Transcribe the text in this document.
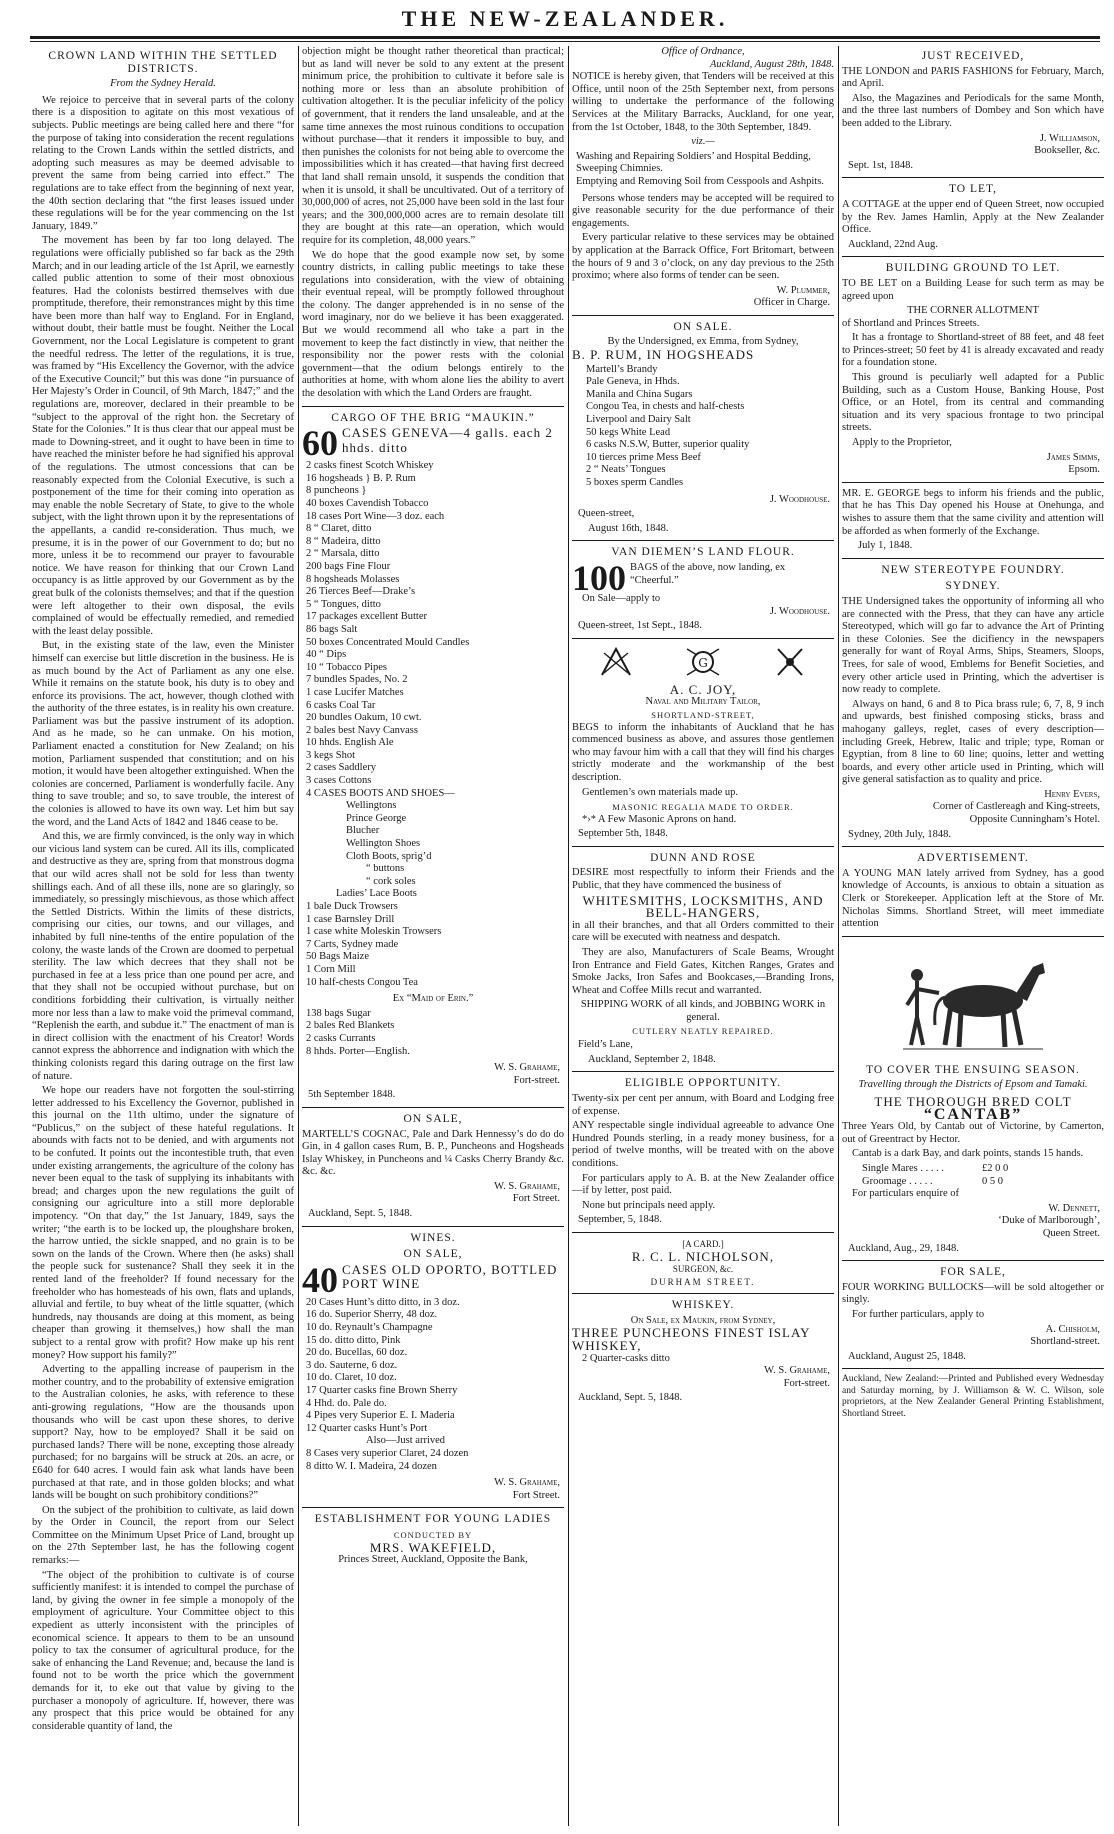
THE NEW-ZEALANDER.
CROWN LAND WITHIN THE SETTLED DISTRICTS.
From the Sydney Herald.

We rejoice to perceive that in several parts of the colony there is a disposition to agitate on this most vexatious of subjects. Public meetings are being called here and there “for the purpose of taking into consideration the recent regulations relating to the Crown Lands within the settled districts, and adopting such measures as may be deemed advisable to prevent the same from being carried into effect.” The regulations are to take effect from the beginning of next year, the 40th section declaring that “the first leases issued under these regulations will be for the year commencing on the 1st January, 1849.”

The movement has been by far too long delayed. The regulations were officially published so far back as the 29th March; and in our leading article of the 1st April, we earnestly called public attention to some of their most obnoxious features. Had the colonists bestirred themselves with due promptitude, therefore, their remonstrances might by this time have been more than half way to England. For in England, without doubt, their battle must be fought. Neither the Local Government, nor the Local Legislature is competent to grant the needful redress. The letter of the regulations, it is true, was framed by “His Excellency the Governor, with the advice of the Executive Council;” but this was done “in pursuance of Her Majesty’s Order in Council, of 9th March, 1847;” and the regulations are, moreover, declared in their preamble to be “subject to the approval of the right hon. the Secretary of State for the Colonies.” It is thus clear that our appeal must be made to Downing-street, and it ought to have been in time to have reached the minister before he had signified his approval of the regulations. The utmost concessions that can be reasonably expected from the Colonial Executive, is such a postponement of the time for their coming into operation as may enable the noble Secretary of State, to give to the whole subject, with the light thrown upon it by the representations of the appellants, a candid re-consideration. Thus much, we presume, it is in the power of our Government to do; but no more, unless it be to recommend our prayer to favourable notice. We have reason for thinking that our Crown Land occupancy is as little approved by our Government as by the great bulk of the colonists themselves; and that if the question were left altogether to their own disposal, the evils complained of would be effectually remedied, and remedied with the least delay possible.

But, in the existing state of the law, even the Minister himself can exercise but little discretion in the business. He is as much bound by the Act of Parliament as any one else. While it remains on the statute book, his duty is to obey and enforce its provisions. The act, however, though clothed with the authority of the three estates, is in reality his own creature. Parliament was but the passive instrument of its adoption. And as he made, so he can unmake. On his motion, Parliament enacted a constitution for New Zealand; on his motion, Parliament suspended that constitution; and on his motion, it would have been altogether extinguished. When the colonies are concerned, Parliament is wonderfully facile. Any thing to save trouble; and so, to save trouble, the interest of the colonies is allowed to have its own way. Let him but say the word, and the Land Acts of 1842 and 1846 cease to be.

And this, we are firmly convinced, is the only way in which our vicious land system can be cured. All its ills, complicated and destructive as they are, spring from that monstrous dogma that our wild acres shall not be sold for less than twenty shillings each. And of all these ills, none are so glaringly, so immediately, so pressingly mischievous, as those which affect the Settled Districts. Within the limits of these districts, comprising our cities, our towns, and our villages, and inhabited by full nine-tenths of the entire population of the colony, the waste lands of the Crown are doomed to perpetual sterility. The law which decrees that they shall not be purchased in fee at a less price than one pound per acre, and that they shall not be occupied without purchase, but on conditions forbidding their cultivation, is virtually neither more nor less than a law to make void the primeval command, “Replenish the earth, and subdue it.” The enactment of man is in direct collision with the enactment of his Creator! Words cannot express the abhorrence and indignation with which the thinking colonists regard this daring outrage on the first law of nature.

We hope our readers have not forgotten the soul-stirring letter addressed to his Excellency the Governor, published in this journal on the 11th ultimo, under the signature of “Publicus,” on the subject of these hateful regulations. It abounds with facts not to be denied, and with arguments not to be confuted. It points out the incontestible truth, that even under existing arrangements, the agriculture of the colony has never been equal to the task of supplying its inhabitants with bread; and charges upon the new regulations the guilt of consigning our agriculture into a still more deplorable impotency. “On that day,” the 1st January, 1849, says the writer; “the earth is to be locked up, the ploughshare broken, the harrow untied, the sickle snapped, and no grain is to be sown on the lands of the Crown. Where then (he asks) shall the people suck for sustenance? Shall they seek it in the rented land of the freeholder? If found necessary for the freeholder who has homesteads of his own, flats and uplands, alluvial and fertile, to buy wheat of the little squatter, (which hundreds, nay thousands are doing at this moment, as being cheaper than growing it themselves,) how shall the man subject to a rental grow with profit? How make up his rent money? How support his family?”

Adverting to the appalling increase of pauperism in the mother country, and to the probability of extensive emigration to the Australian colonies, he asks, with reference to these anti-growing regulations, “How are the thousands upon thousands who will be cast upon these shores, to derive support? Nay, how to be employed? Shall it be said on purchased lands? There will be none, excepting those already purchased; for no bargains will be struck at 20s. an acre, or £640 for 640 acres. I would fain ask what lands have been purchased at that rate, and in those golden blocks; and what lands will be bought on such prohibitory conditions?”

On the subject of the prohibition to cultivate, as laid down by the Order in Council, the report from our Select Committee on the Minimum Upset Price of Land, brought up on the 27th September last, he has the following cogent remarks:—

“The object of the prohibition to cultivate is of course sufficiently manifest: it is intended to compel the purchase of land, by giving the owner in fee simple a monopoly of the employment of agriculture. Your Committee object to this expedient as utterly inconsistent with the principles of economical science. It appears to them to be an unsound policy to tax the consumer of agricultural produce, for the sake of enhancing the Land Revenue; and, because the land is found not to be worth the price which the government demands for it, to eke out that value by giving to the purchaser a monopoly of agriculture. If, however, there was any prospect that this price would be obtained for any considerable quantity of land, the

objection might be thought rather theoretical than practical; but as land will never be sold to any extent at the present minimum price, the prohibition to cultivate it before sale is nothing more or less than an absolute prohibition of cultivation altogether. It is the peculiar infelicity of the policy of government, that it renders the land unsaleable, and at the same time annexes the most ruinous conditions to occupation without purchase—that it renders it impossible to buy, and then punishes the colonists for not being able to overcome the impossibilities which it has created—that having first decreed that land shall remain unsold, it suspends the condition that when it is unsold, it shall be uncultivated. Out of a territory of 30,000,000 of acres, not 25,000 have been sold in the last four years; and the 300,000,000 acres are to remain desolate till they are bought at this rate—an operation, which would require for its completion, 48,000 years.”

We do hope that the good example now set, by some country districts, in calling public meetings to take these regulations into consideration, with the view of obtaining their eventual repeal, will be promptly followed throughout the colony. The danger apprehended is in no sense of the word imaginary, nor do we believe it has been exaggerated. But we would recommend all who take a part in the movement to keep the fact distinctly in view, that neither the responsibility nor the power rests with the colonial government—that the odium belongs entirely to the authorities at home, with whom alone lies the ability to avert the desolation with which the Land Orders are fraught.

CARGO OF THE BRIG “MAUKIN.”
60 CASES GENEVA—4 galls. each 2 hhds. ditto
2 casks finest Scotch Whiskey
16 hogsheads } B. P. Rum
8 puncheons }
40 boxes Cavendish Tobacco
18 cases Port Wine—3 doz. each
8 “ Claret, ditto
8 “ Madeira, ditto
2 “ Marsala, ditto
200 bags Fine Flour
8 hogsheads Molasses
26 Tierces Beef—Drake’s
5 “ Tongues, ditto
17 packages excellent Butter
86 bags Salt
50 boxes Concentrated Mould Candles
40 “ Dips
10 “ Tobacco Pipes
7 bundles Spades, No. 2
1 case Lucifer Matches
6 casks Coal Tar
20 bundles Oakum, 10 cwt.
2 bales best Navy Canvass
10 hhds. English Ale
3 kegs Shot
2 cases Saddlery
3 cases Cottons
4 CASES BOOTS AND SHOES—
Wellingtons
Prince George
Blucher
Wellington Shoes
Cloth Boots, sprig’d
“ buttons
“ cork soles
Ladies’ Lace Boots
1 bale Duck Trowsers
1 case Barnsley Drill
1 case white Moleskin Trowsers
7 Carts, Sydney made
50 Bags Maize
1 Corn Mill
10 half-chests Congou Tea
Ex “Maid of Erin.”
138 bags Sugar
2 bales Red Blankets
2 casks Currants
8 hhds. Porter—English.
W. S. Grahame,
Fort-street.
5th September 1848.
ON SALE,

MARTELL’S COGNAC, Pale and Dark Hennessy’s do do do Gin, in 4 gallon cases Rum, B. P., Puncheons and Hogsheads Islay Whiskey, in Puncheons and ¼ Casks Cherry Brandy &c. &c. &c.

W. S. Grahame,
Fort Street.
Auckland, Sept. 5, 1848.
WINES.
ON SALE,
40 CASES OLD OPORTO, BOTTLED PORT WINE
20 Cases Hunt’s ditto ditto, in 3 doz.
16 do. Superior Sherry, 48 doz.
10 do. Reynault’s Champagne
15 do. ditto ditto, Pink
20 do. Bucellas, 60 doz.
3 do. Sauterne, 6 doz.
10 do. Claret, 10 doz.
17 Quarter casks fine Brown Sherry
4 Hhd. do. Pale do.
4 Pipes very Superior E. I. Maderia
12 Quarter casks Hunt’s Port
Also—Just arrived
8 Cases very superior Claret, 24 dozen
8 ditto W. I. Madeira, 24 dozen
W. S. Grahame,
Fort Street.
ESTABLISHMENT FOR YOUNG LADIES
CONDUCTED BY
MRS. WAKEFIELD,
Princes Street, Auckland, Opposite the Bank,
Office of Ordnance,
Auckland, August 28th, 1848.

NOTICE is hereby given, that Tenders will be received at this Office, until noon of the 25th September next, from persons willing to undertake the performance of the following Services at the Military Barracks, Auckland, for one year, from the 1st October, 1848, to the 30th September, 1849.

viz.—
Washing and Repairing Soldiers’ and Hospital Bedding,
Sweeping Chimnies.
Emptying and Removing Soil from Cesspools and Ashpits.

Persons whose tenders may be accepted will be required to give reasonable security for the due performance of their engagements.

Every particular relative to these services may be obtained by application at the Barrack Office, Fort Britomart, between the hours of 9 and 3 o’clock, on any day previous to the 25th proximo; where also forms of tender can be seen.

W. Plummer,
Officer in Charge.
ON SALE.
By the Undersigned, ex Emma, from Sydney,
B. P. RUM, IN HOGSHEADS
Martell’s Brandy
Pale Geneva, in Hhds.
Manila and China Sugars
Congou Tea, in chests and half-chests
Liverpool and Dairy Salt
50 kegs White Lead
6 casks N.S.W, Butter, superior quality
10 tierces prime Mess Beef
2 “ Neats’ Tongues
5 boxes sperm Candles
J. Woodhouse.
Queen-street,
August 16th, 1848.
VAN DIEMEN’S LAND FLOUR.
100 BAGS of the above, now landing, ex “Cheerful.”
On Sale—apply to
J. Woodhouse.
Queen-street, 1st Sept., 1848.
G
A. C. JOY,
Naval and Military Tailor,
SHORTLAND-STREET,

BEGS to inform the inhabitants of Auckland that he has commenced business as above, and assures those gentlemen who may favour him with a call that they will find his charges strictly moderate and the workmanship of the best description.

Gentlemen’s own materials made up.

MASONIC REGALIA MADE TO ORDER.

*›* A Few Masonic Aprons on hand.

September 5th, 1848.
DUNN AND ROSE

DESIRE most respectfully to inform their Friends and the Public, that they have commenced the business of

WHITESMITHS, LOCKSMITHS, AND BELL-HANGERS,

in all their branches, and that all Orders committed to their care will be executed with neatness and despatch.

They are also, Manufacturers of Scale Beams, Wrought Iron Entrance and Field Gates, Kitchen Ranges, Grates and Smoke Jacks, Iron Safes and Bookcases,—Branding Irons, Wheat and Coffee Mills recut and warranted.

SHIPPING WORK of all kinds, and JOBBING WORK in general.
CUTLERY NEATLY REPAIRED.
Field’s Lane,
Auckland, September 2, 1848.
ELIGIBLE OPPORTUNITY.

Twenty-six per cent per annum, with Board and Lodging free of expense.

ANY respectable single individual agreeable to advance One Hundred Pounds sterling, in a ready money business, for a period of twelve months, will be treated with on the above conditions.

For particulars apply to A. B. at the New Zealander office—if by letter, post paid.

None but principals need apply.

September, 5, 1848.
[A CARD.]
R. C. L. NICHOLSON,
SURGEON, &c.
DURHAM STREET.
WHISKEY.
On Sale, ex Maukin, from Sydney,
THREE PUNCHEONS FINEST ISLAY WHISKEY,
2 Quarter-casks ditto
W. S. Grahame,
Fort-street.
Auckland, Sept. 5, 1848.
JUST RECEIVED,

THE LONDON and PARIS FASHIONS for February, March, and April.

Also, the Magazines and Periodicals for the same Month, and the three last numbers of Dombey and Son which have been added to the Library.

J. Williamson,
Bookseller, &c.
Sept. 1st, 1848.
TO LET,

A COTTAGE at the upper end of Queen Street, now occupied by the Rev. James Hamlin, Apply at the New Zealander Office.

Auckland, 22nd Aug.
BUILDING GROUND TO LET.

TO BE LET on a Building Lease for such term as may be agreed upon

THE CORNER ALLOTMENT

of Shortland and Princes Streets.

It has a frontage to Shortland-street of 88 feet, and 48 feet to Princes-street; 50 feet by 41 is already excavated and ready for a foundation stone.

This ground is peculiarly well adapted for a Public Building, such as a Custom House, Banking House, Post Office, or an Hotel, from its central and commanding situation and its very spacious frontage to two principal streets.

Apply to the Proprietor,

James Simms,
Epsom.

MR. E. GEORGE begs to inform his friends and the public, that he has This Day opened his House at Onehunga, and wishes to assure them that the same civility and attention will be afforded as when formerly of the Exchange.

July 1, 1848.
NEW STEREOTYPE FOUNDRY.
SYDNEY.

THE Undersigned takes the opportunity of informing all who are connected with the Press, that they can have any article Stereotyped, which will go far to advance the Art of Printing in these Colonies. See the dicifiency in the newspapers generally for want of Royal Arms, Ships, Steamers, Sloops, Trees, for sale of wood, Emblems for Benefit Societies, and every other article used in Printing, which the advertiser is now ready to complete.

Always on hand, 6 and 8 to Pica brass rule; 6, 7, 8, 9 inch and upwards, best finished composing sticks, brass and mahogany galleys, reglet, cases of every description—including Greek, Hebrew, Italic and triple; type, Roman or Egyptian, from 8 line to 60 line; quoins, letter and wetting boards, and every other article used in Printing, which will give general satisfaction as to quality and price.

Henry Evers,
Corner of Castlereagh and King-streets,
Opposite Cunningham’s Hotel.
Sydney, 20th July, 1848.
ADVERTISEMENT.

A YOUNG MAN lately arrived from Sydney, has a good knowledge of Accounts, is anxious to obtain a situation as Clerk or Storekeeper. Application left at the Store of Mr. Nicholas Simms. Shortland Street, will meet immediate attention

TO COVER THE ENSUING SEASON.
Travelling through the Districts of Epsom and Tamaki.
THE THOROUGH BRED COLT
“CANTAB”

Three Years Old, by Cantab out of Victorine, by Camerton, out of Greentract by Hector.

Cantab is a dark Bay, and dark points, stands 15 hands.

Single Mares . . . . .	£2 0 0
Groomage . . . . .	0 5 0

For particulars enquire of

W. Dennett,
‘Duke of Marlborough’,
Queen Street.
Auckland, Aug., 29, 1848.
FOR SALE,

FOUR WORKING BULLOCKS—will be sold altogether or singly.

For further particulars, apply to

A. Chisholm,
Shortland-street.
Auckland, August 25, 1848.

Auckland, New Zealand:—Printed and Published every Wednesday and Saturday morning, by J. Williamson & W. C. Wilson, sole proprietors, at the New Zealander General Printing Establishment, Shortland Street.
